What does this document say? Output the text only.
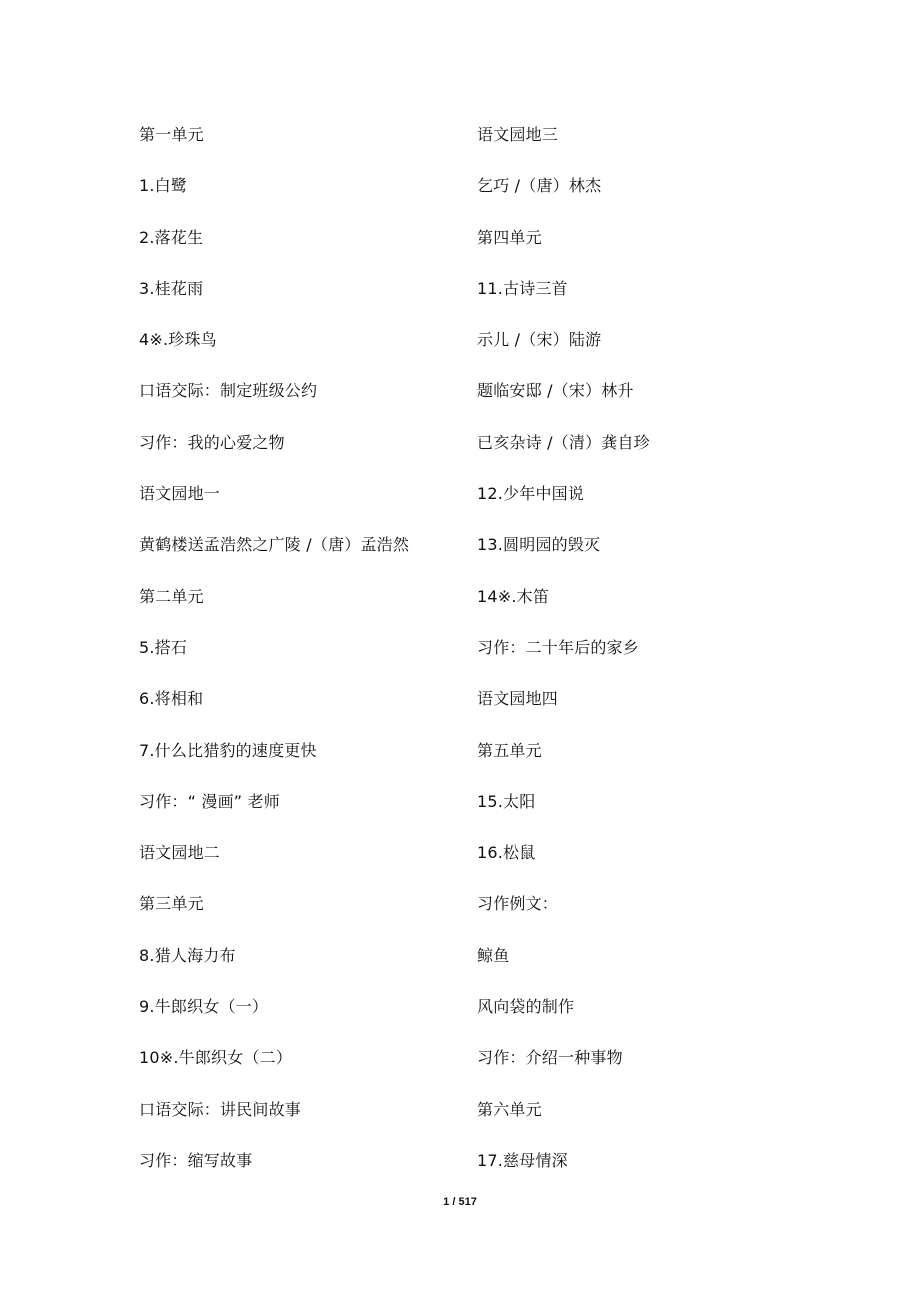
第一单元
1.白鹭
2.落花生
3.桂花雨
4※.珍珠鸟
口语交际：制定班级公约
习作：我的心爱之物
语文园地一
黄鹤楼送孟浩然之广陵 /（唐）孟浩然
第二单元
5.搭石
6.将相和
7.什么比猎豹的速度更快
习作：“ 漫画” 老师
语文园地二
第三单元
8.猎人海力布
9.牛郎织女（一）
10※.牛郎织女（二）
口语交际：讲民间故事
习作：缩写故事
语文园地三
乞巧 /（唐）林杰
第四单元
11.古诗三首
示儿 /（宋）陆游
题临安邸 /（宋）林升
已亥杂诗 /（清）龚自珍
12.少年中国说
13.圆明园的毁灭
14※.木笛
习作：二十年后的家乡
语文园地四
第五单元
15.太阳
16.松鼠
习作例文：
鲸鱼
风向袋的制作
习作：介绍一种事物
第六单元
17.慈母情深
1 / 517
